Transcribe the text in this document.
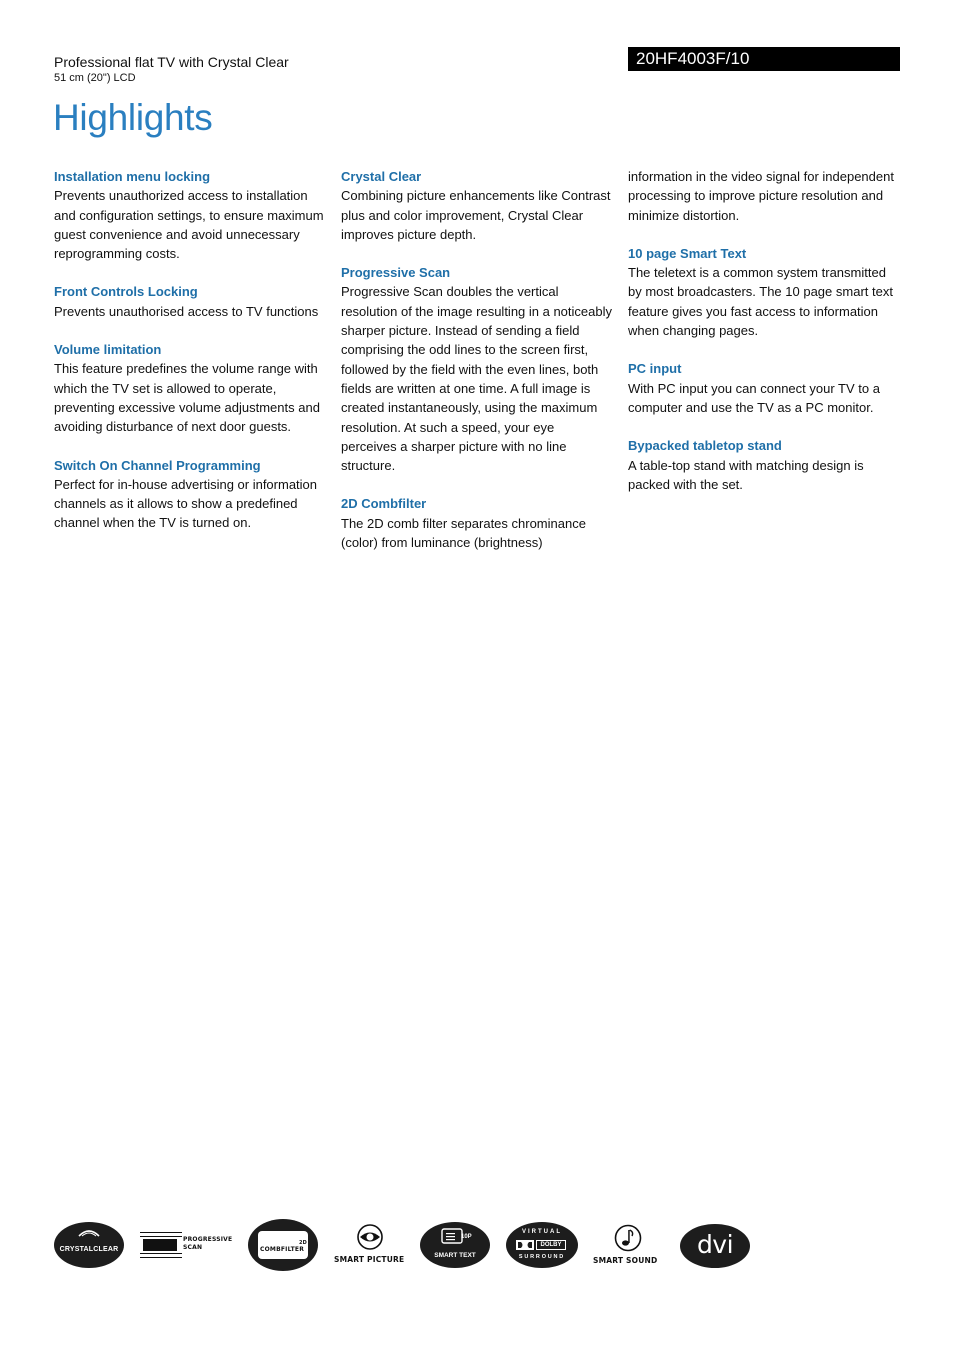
Professional flat TV with Crystal Clear
51 cm (20") LCD
20HF4003F/10
Highlights
Installation menu locking
Prevents unauthorized access to installation and configuration settings, to ensure maximum guest convenience and avoid unnecessary reprogramming costs.
Front Controls Locking
Prevents unauthorised access to TV functions
Volume limitation
This feature predefines the volume range with which the TV set is allowed to operate, preventing excessive volume adjustments and avoiding disturbance of next door guests.
Switch On Channel Programming
Perfect for in-house advertising or information channels as it allows to show a predefined channel when the TV is turned on.
Crystal Clear
Combining picture enhancements like Contrast plus and color improvement, Crystal Clear improves picture depth.
Progressive Scan
Progressive Scan doubles the vertical resolution of the image resulting in a noticeably sharper picture. Instead of sending a field comprising the odd lines to the screen first, followed by the field with the even lines, both fields are written at one time. A full image is created instantaneously, using the maximum resolution. At such a speed, your eye perceives a sharper picture with no line structure.
2D Combfilter
The 2D comb filter separates chrominance (color) from luminance (brightness)
information in the video signal for independent processing to improve picture resolution and minimize distortion.
10 page Smart Text
The teletext is a common system transmitted by most broadcasters. The 10 page smart text feature gives you fast access to information when changing pages.
PC input
With PC input you can connect your TV to a computer and use the TV as a PC monitor.
Bypacked tabletop stand
A table-top stand with matching design is packed with the set.
CRYSTALCLEAR
PROGRESSIVE
SCAN
2D
COMBFILTER
SMART PICTURE
10P
SMART TEXT
VIRTUAL
DOLBY
SURROUND	SMART SOUND
dvi
